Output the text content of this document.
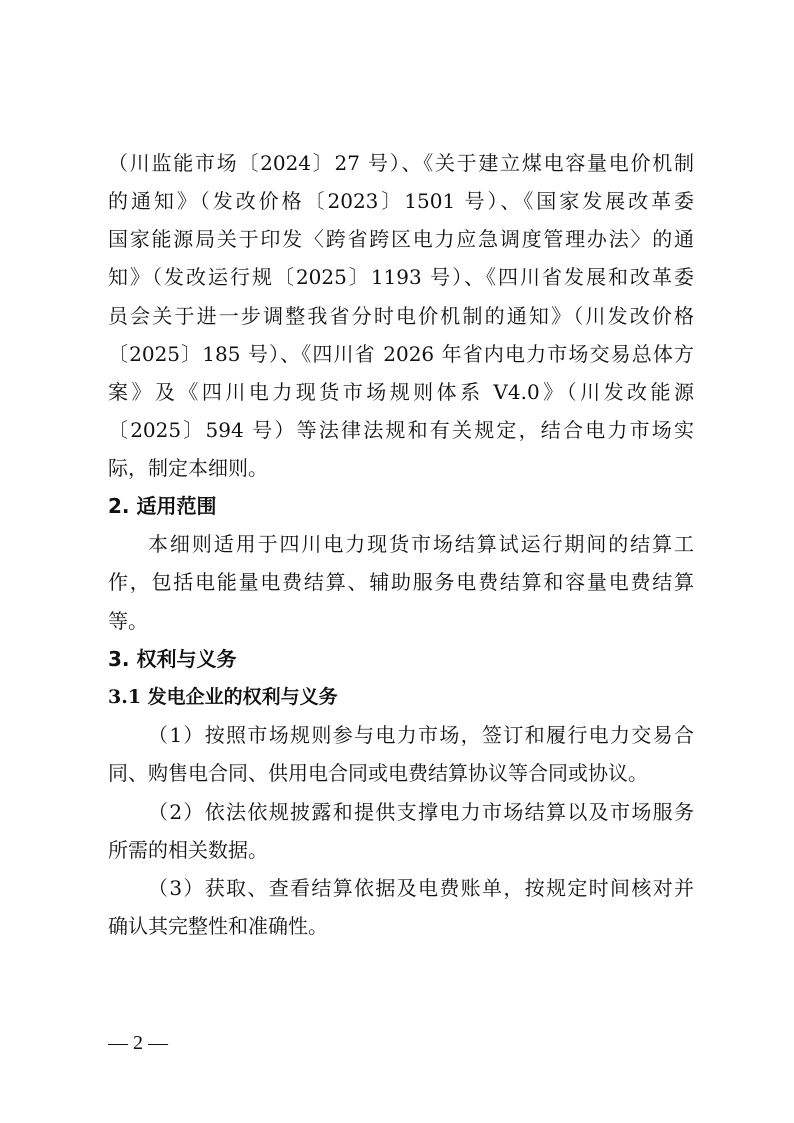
（川监能市场〔2024〕27 号）、《关于建立煤电容量电价机制
的通知》（发改价格〔2023〕1501 号）、《国家发展改革委
国家能源局关于印发〈跨省跨区电力应急调度管理办法〉的通
知》（发改运行规〔2025〕1193 号）、《四川省发展和改革委
员会关于进一步调整我省分时电价机制的通知》（川发改价格
〔2025〕185 号）、《四川省 2026 年省内电力市场交易总体方
案》及《四川电力现货市场规则体系 V4.0》（川发改能源
〔2025〕594 号）等法律法规和有关规定，结合电力市场实
际，制定本细则。
2. 适用范围
本细则适用于四川电力现货市场结算试运行期间的结算工
作，包括电能量电费结算、辅助服务电费结算和容量电费结算
等。
3. 权利与义务
3.1 发电企业的权利与义务
（1）按照市场规则参与电力市场，签订和履行电力交易合
同、购售电合同、供用电合同或电费结算协议等合同或协议。
（2）依法依规披露和提供支撑电力市场结算以及市场服务
所需的相关数据。
（3）获取、查看结算依据及电费账单，按规定时间核对并
确认其完整性和准确性。
— 2 —
